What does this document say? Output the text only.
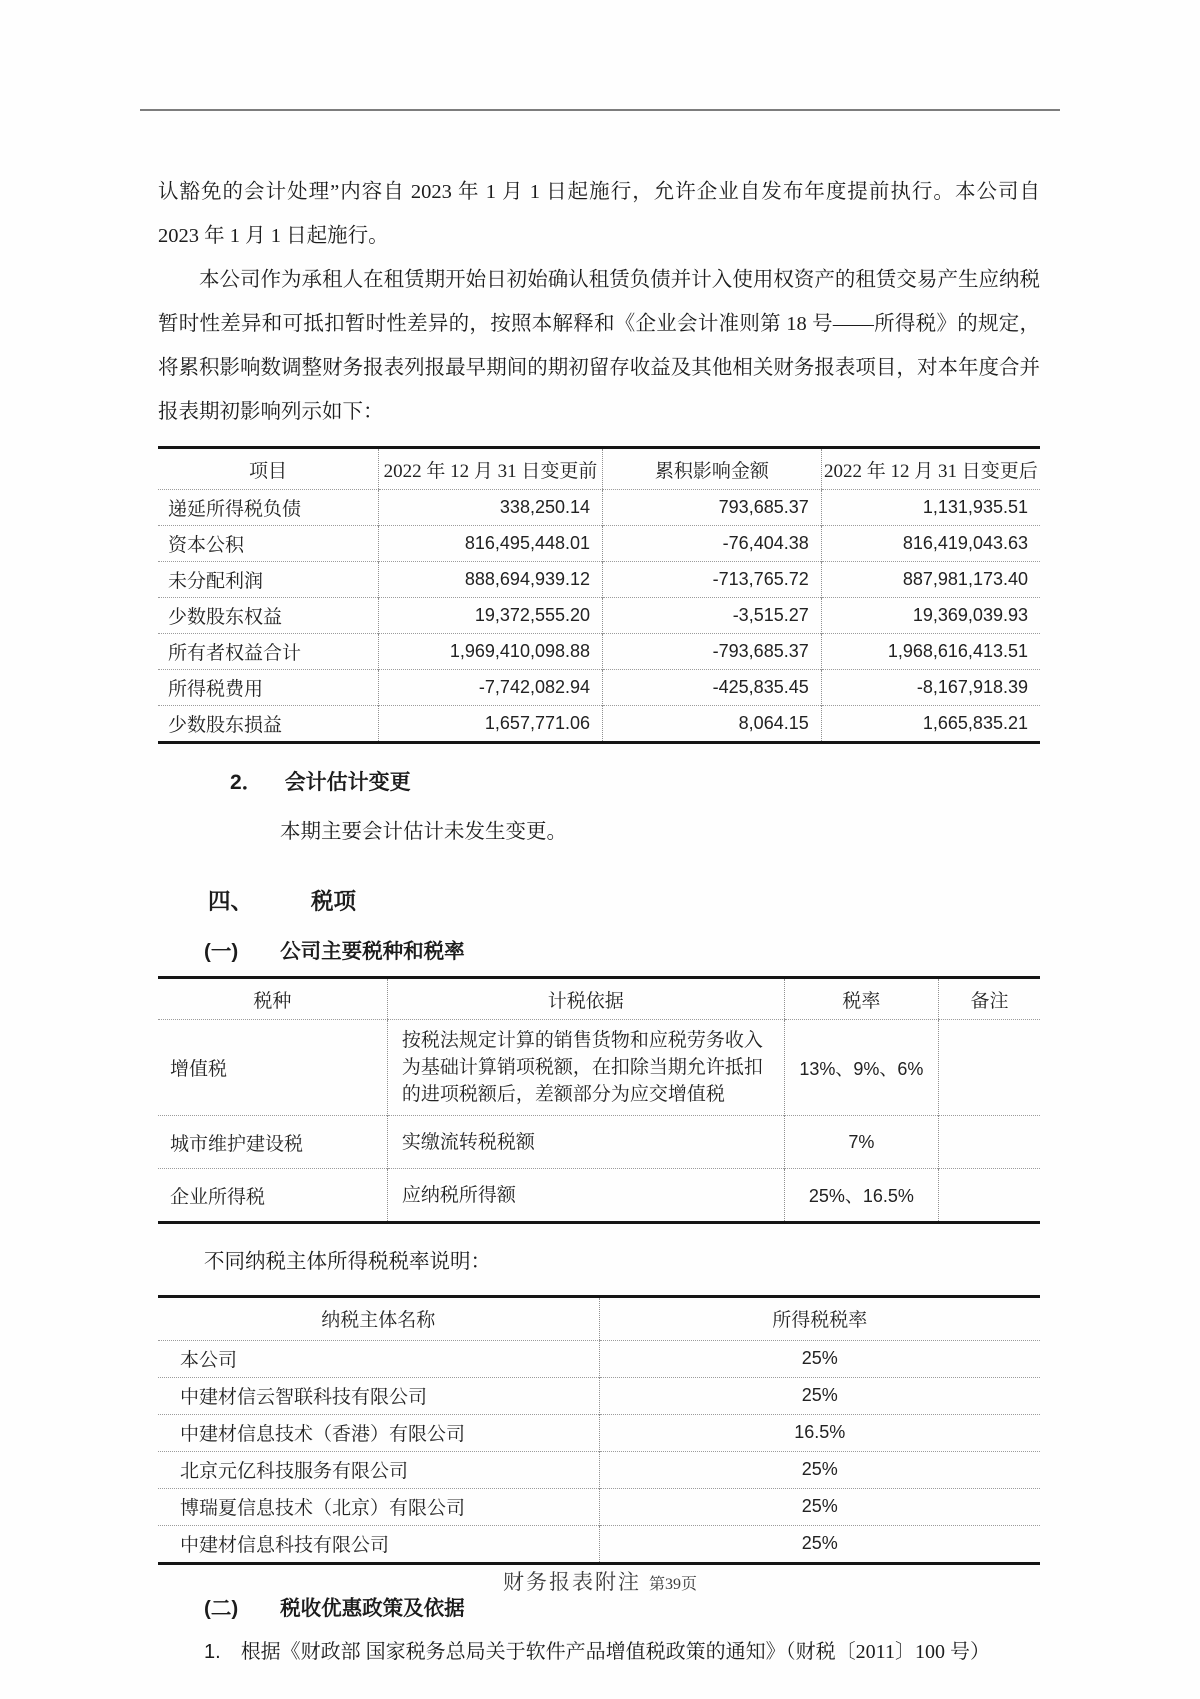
认豁免的会计处理”内容自 2023 年 1 月 1 日起施行，允许企业自发布年度提前执行。本公司自 2023 年 1 月 1 日起施行。

本公司作为承租人在租赁期开始日初始确认租赁负债并计入使用权资产的租赁交易产生应纳税暂时性差异和可抵扣暂时性差异的，按照本解释和《企业会计准则第 18 号——所得税》的规定，将累积影响数调整财务报表列报最早期间的期初留存收益及其他相关财务报表项目，对本年度合并报表期初影响列示如下：

项目	2022 年 12 月 31 日变更前	累积影响金额	2022 年 12 月 31 日变更后
递延所得税负债	338,250.14	793,685.37	1,131,935.51
资本公积	816,495,448.01	-76,404.38	816,419,043.63
未分配利润	888,694,939.12	-713,765.72	887,981,173.40
少数股东权益	19,372,555.20	-3,515.27	19,369,039.93
所有者权益合计	1,969,410,098.88	-793,685.37	1,968,616,413.51
所得税费用	-7,742,082.94	-425,835.45	-8,167,918.39
少数股东损益	1,657,771.06	8,064.15	1,665,835.21
2． 会计估计变更

本期主要会计估计未发生变更。

四、	税项
(一) 公司主要税种和税率
税种	计税依据	税率	备注
增值税	按税法规定计算的销售货物和应税劳务收入为基础计算销项税额，在扣除当期允许抵扣的进项税额后，差额部分为应交增值税	13%、9%、6%	
城市维护建设税	实缴流转税税额	7%	
企业所得税	应纳税所得额	25%、16.5%	

不同纳税主体所得税税率说明：

纳税主体名称	所得税税率
本公司	25%
中建材信云智联科技有限公司	25%
中建材信息技术（香港）有限公司	16.5%
北京元亿科技服务有限公司	25%
博瑞夏信息技术（北京）有限公司	25%
中建材信息科技有限公司	25%
(二) 税收优惠政策及依据
1. 根据《财政部 国家税务总局关于软件产品增值税政策的通知》（财税〔2011〕100 号）
财务报表附注 第39页
